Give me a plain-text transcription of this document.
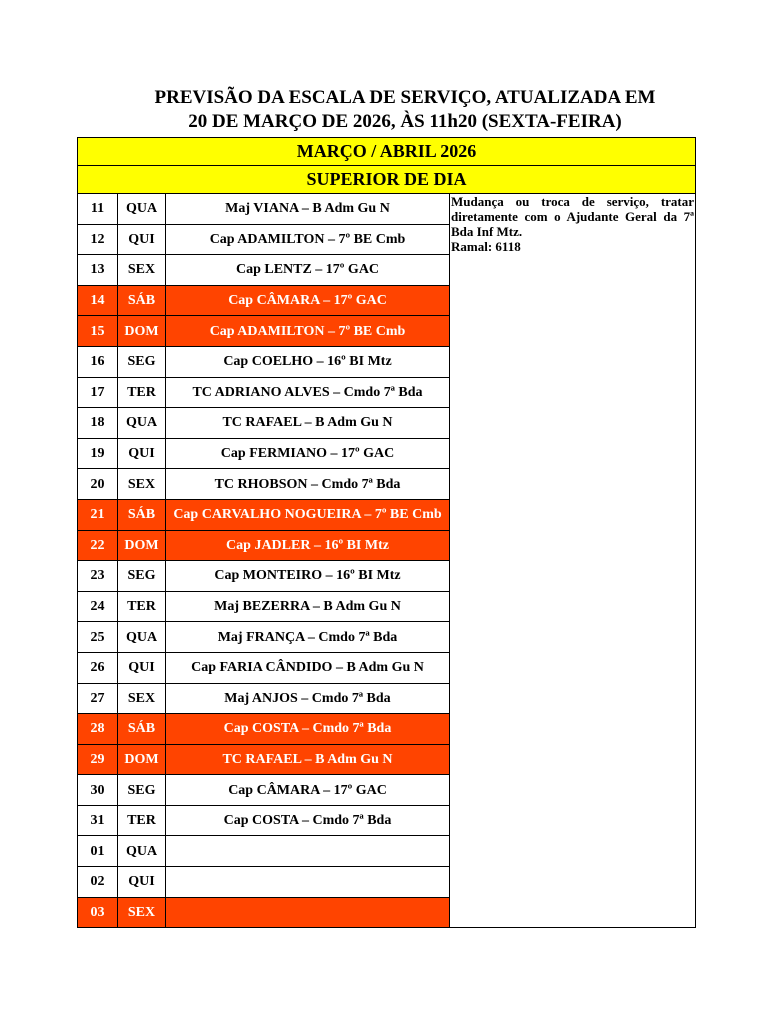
PREVISÃO DA ESCALA DE SERVIÇO, ATUALIZADA EM
20 DE MARÇO DE 2026, ÀS 11h20 (SEXTA-FEIRA)
MARÇO / ABRIL 2026			
SUPERIOR DE DIA			
11	QUA	Maj VIANA – B Adm Gu N	Mudança ou troca de serviço, tratar diretamente com o Ajudante Geral da 7ª Bda Inf Mtz.

Ramal: 6118

12	QUI	Cap ADAMILTON – 7º BE Cmb	

13	SEX	Cap LENTZ – 17º GAC	

14	SÁB	Cap CÂMARA – 17º GAC	

15	DOM	Cap ADAMILTON – 7º BE Cmb	

16	SEG	Cap COELHO – 16º BI Mtz	

17	TER	TC ADRIANO ALVES – Cmdo 7ª Bda	

18	QUA	TC RAFAEL – B Adm Gu N	

19	QUI	Cap FERMIANO – 17º GAC	

20	SEX	TC RHOBSON – Cmdo 7ª Bda	

21	SÁB	Cap CARVALHO NOGUEIRA – 7º BE Cmb	

22	DOM	Cap JADLER – 16º BI Mtz	

23	SEG	Cap MONTEIRO – 16º BI Mtz	

24	TER	Maj BEZERRA – B Adm Gu N	

25	QUA	Maj FRANÇA – Cmdo 7ª Bda	

26	QUI	Cap FARIA CÂNDIDO – B Adm Gu N	

27	SEX	Maj ANJOS – Cmdo 7ª Bda	

28	SÁB	Cap COSTA – Cmdo 7ª Bda	

29	DOM	TC RAFAEL – B Adm Gu N	

30	SEG	Cap CÂMARA – 17º GAC	

31	TER	Cap COSTA – Cmdo 7ª Bda	

01	QUA		

02	QUI		

03	SEX		
